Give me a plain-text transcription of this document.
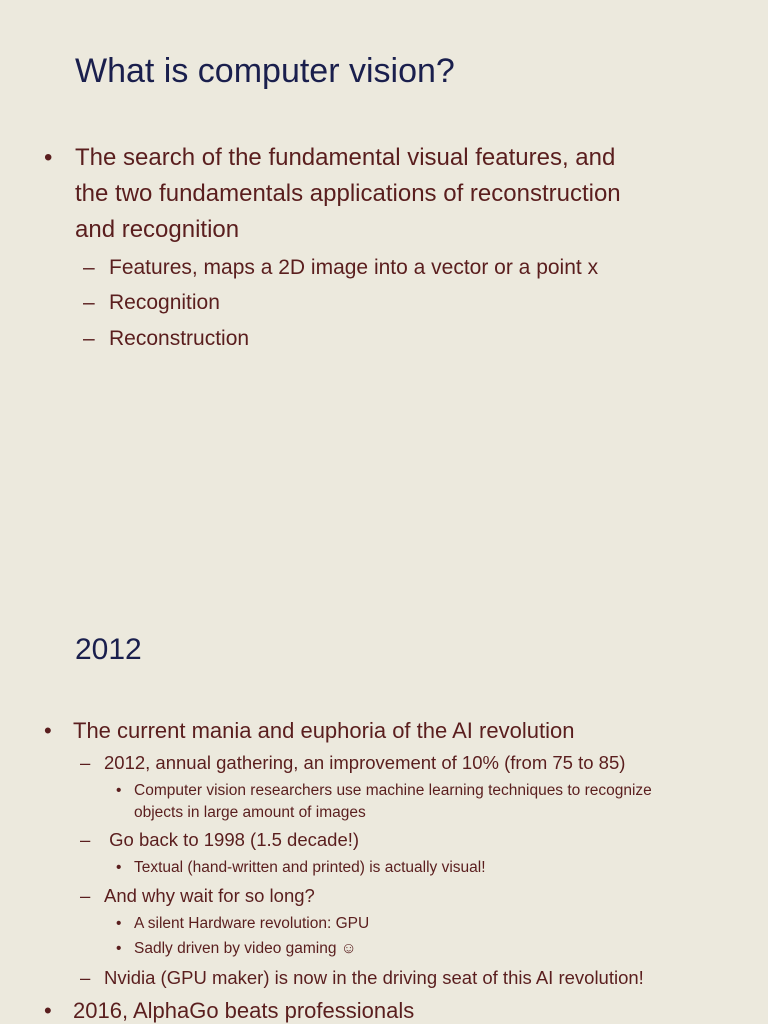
What is computer vision?
• The search of the fundamental visual features, and
the two fundamentals applications of reconstruction
and recognition
– Features, maps a 2D image into a vector or a point x
– Recognition
– Reconstruction
2012
• The current mania and euphoria of the AI revolution
– 2012, annual gathering, an improvement of 10% (from 75 to 85)
• Computer vision researchers use machine learning techniques to recognize
objects in large amount of images
– Go back to 1998 (1.5 decade!)
• Textual (hand-written and printed) is actually visual!
– And why wait for so long?
• A silent Hardware revolution: GPU
• Sadly driven by video gaming ☺
– Nvidia (GPU maker) is now in the driving seat of this AI revolution!
• 2016, AlphaGo beats professionals
